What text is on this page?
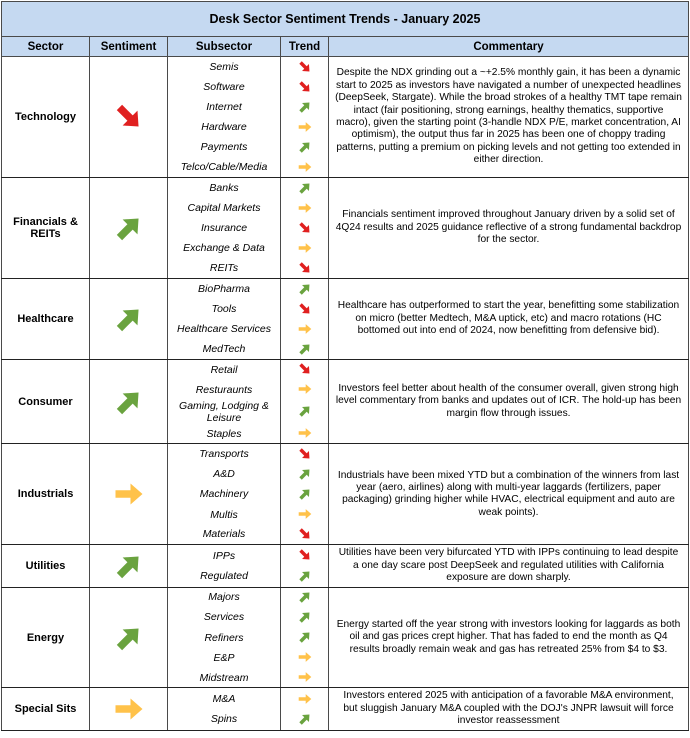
Desk Sector Sentiment Trends - January 2025				
Sector	Sentiment	Subsector	Trend	Commentary
Technology		Semis		Despite the NDX grinding out a ~+2.5% monthly gain, it has been a dynamic start to 2025 as investors have navigated a number of unexpected headlines (DeepSeek, Stargate). While the broad strokes of a healthy TMT tape remain intact (fair positioning, strong earnings, healthy thematics, supportive macro), given the starting point (3-handle NDX P/E, market concentration, AI optimism), the output thus far in 2025 has been one of choppy trading patterns, putting a premium on picking levels and not getting too extended in either direction.
		Software	
		Internet	
		Hardware	
		Payments	
		Telco/Cable/Media	
Financials & REITs		Banks		Financials sentiment improved throughout January driven by a solid set of 4Q24 results and 2025 guidance reflective of a strong fundamental backdrop for the sector.
		Capital Markets	
		Insurance	
		Exchange & Data	
		REITs	
Healthcare		BioPharma		Healthcare has outperformed to start the year, benefitting some stabilization on micro (better Medtech, M&A uptick, etc) and macro rotations (HC bottomed out into end of 2024, now benefitting from defensive bid).
		Tools	
		Healthcare Services	
		MedTech	
Consumer		Retail		Investors feel better about health of the consumer overall, given strong high level commentary from banks and updates out of ICR. The hold-up has been margin flow through issues.
		Resturaunts	
		Gaming, Lodging & Leisure	
		Staples	
Industrials		Transports		Industrials have been mixed YTD but a combination of the winners from last year (aero, airlines) along with multi-year laggards (fertilizers, paper packaging) grinding higher while HVAC, electrical equipment and auto are weak points).
		A&D	
		Machinery	
		Multis	
		Materials	
Utilities		IPPs		Utilities have been very bifurcated YTD with IPPs continuing to lead despite a one day scare post DeepSeek and regulated utilities with California exposure are down sharply.
		Regulated	
Energy		Majors		Energy started off the year strong with investors looking for laggards as both oil and gas prices crept higher. That has faded to end the month as Q4 results broadly remain weak and gas has retreated 25% from $4 to $3.
		Services	
		Refiners	
		E&P	
		Midstream	
Special Sits		M&A		Investors entered 2025 with anticipation of a favorable M&A environment, but sluggish January M&A coupled with the DOJ's JNPR lawsuit will force investor reassessment
		Spins	
